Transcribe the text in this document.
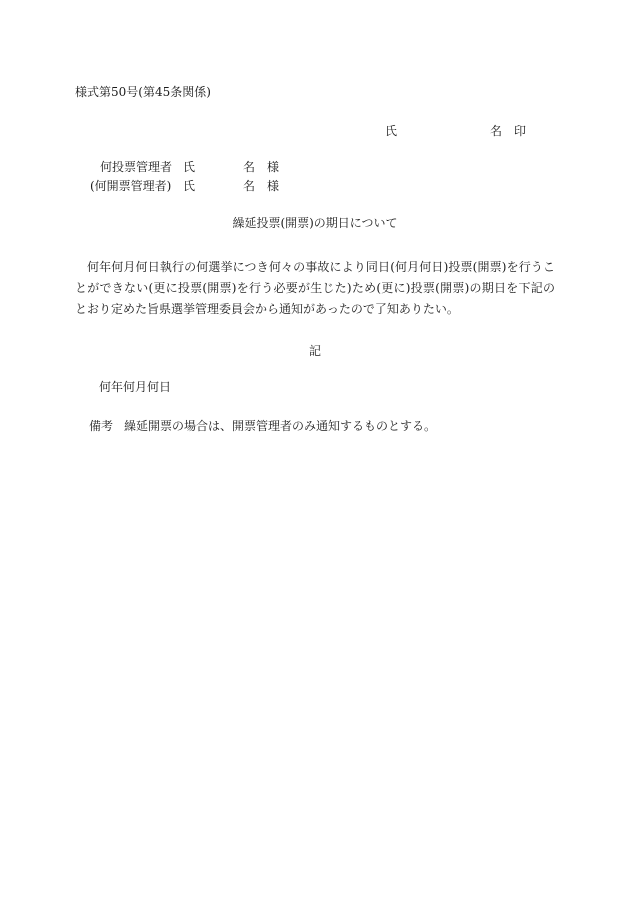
様式第50号(第45条関係)
氏	名 印
何投票管理者 氏	名 様
(何開票管理者) 氏	名 様
繰延投票(開票)の期日について

何年何月何日執行の何選挙につき何々の事故により同日(何月何日)投票(開票)を行うことができない(更に投票(開票)を行う必要が生じた)ため(更に)投票(開票)の期日を下記のとおり定めた旨県選挙管理委員会から通知があったので了知ありたい。

記
何年何月何日
備考 繰延開票の場合は、開票管理者のみ通知するものとする。
